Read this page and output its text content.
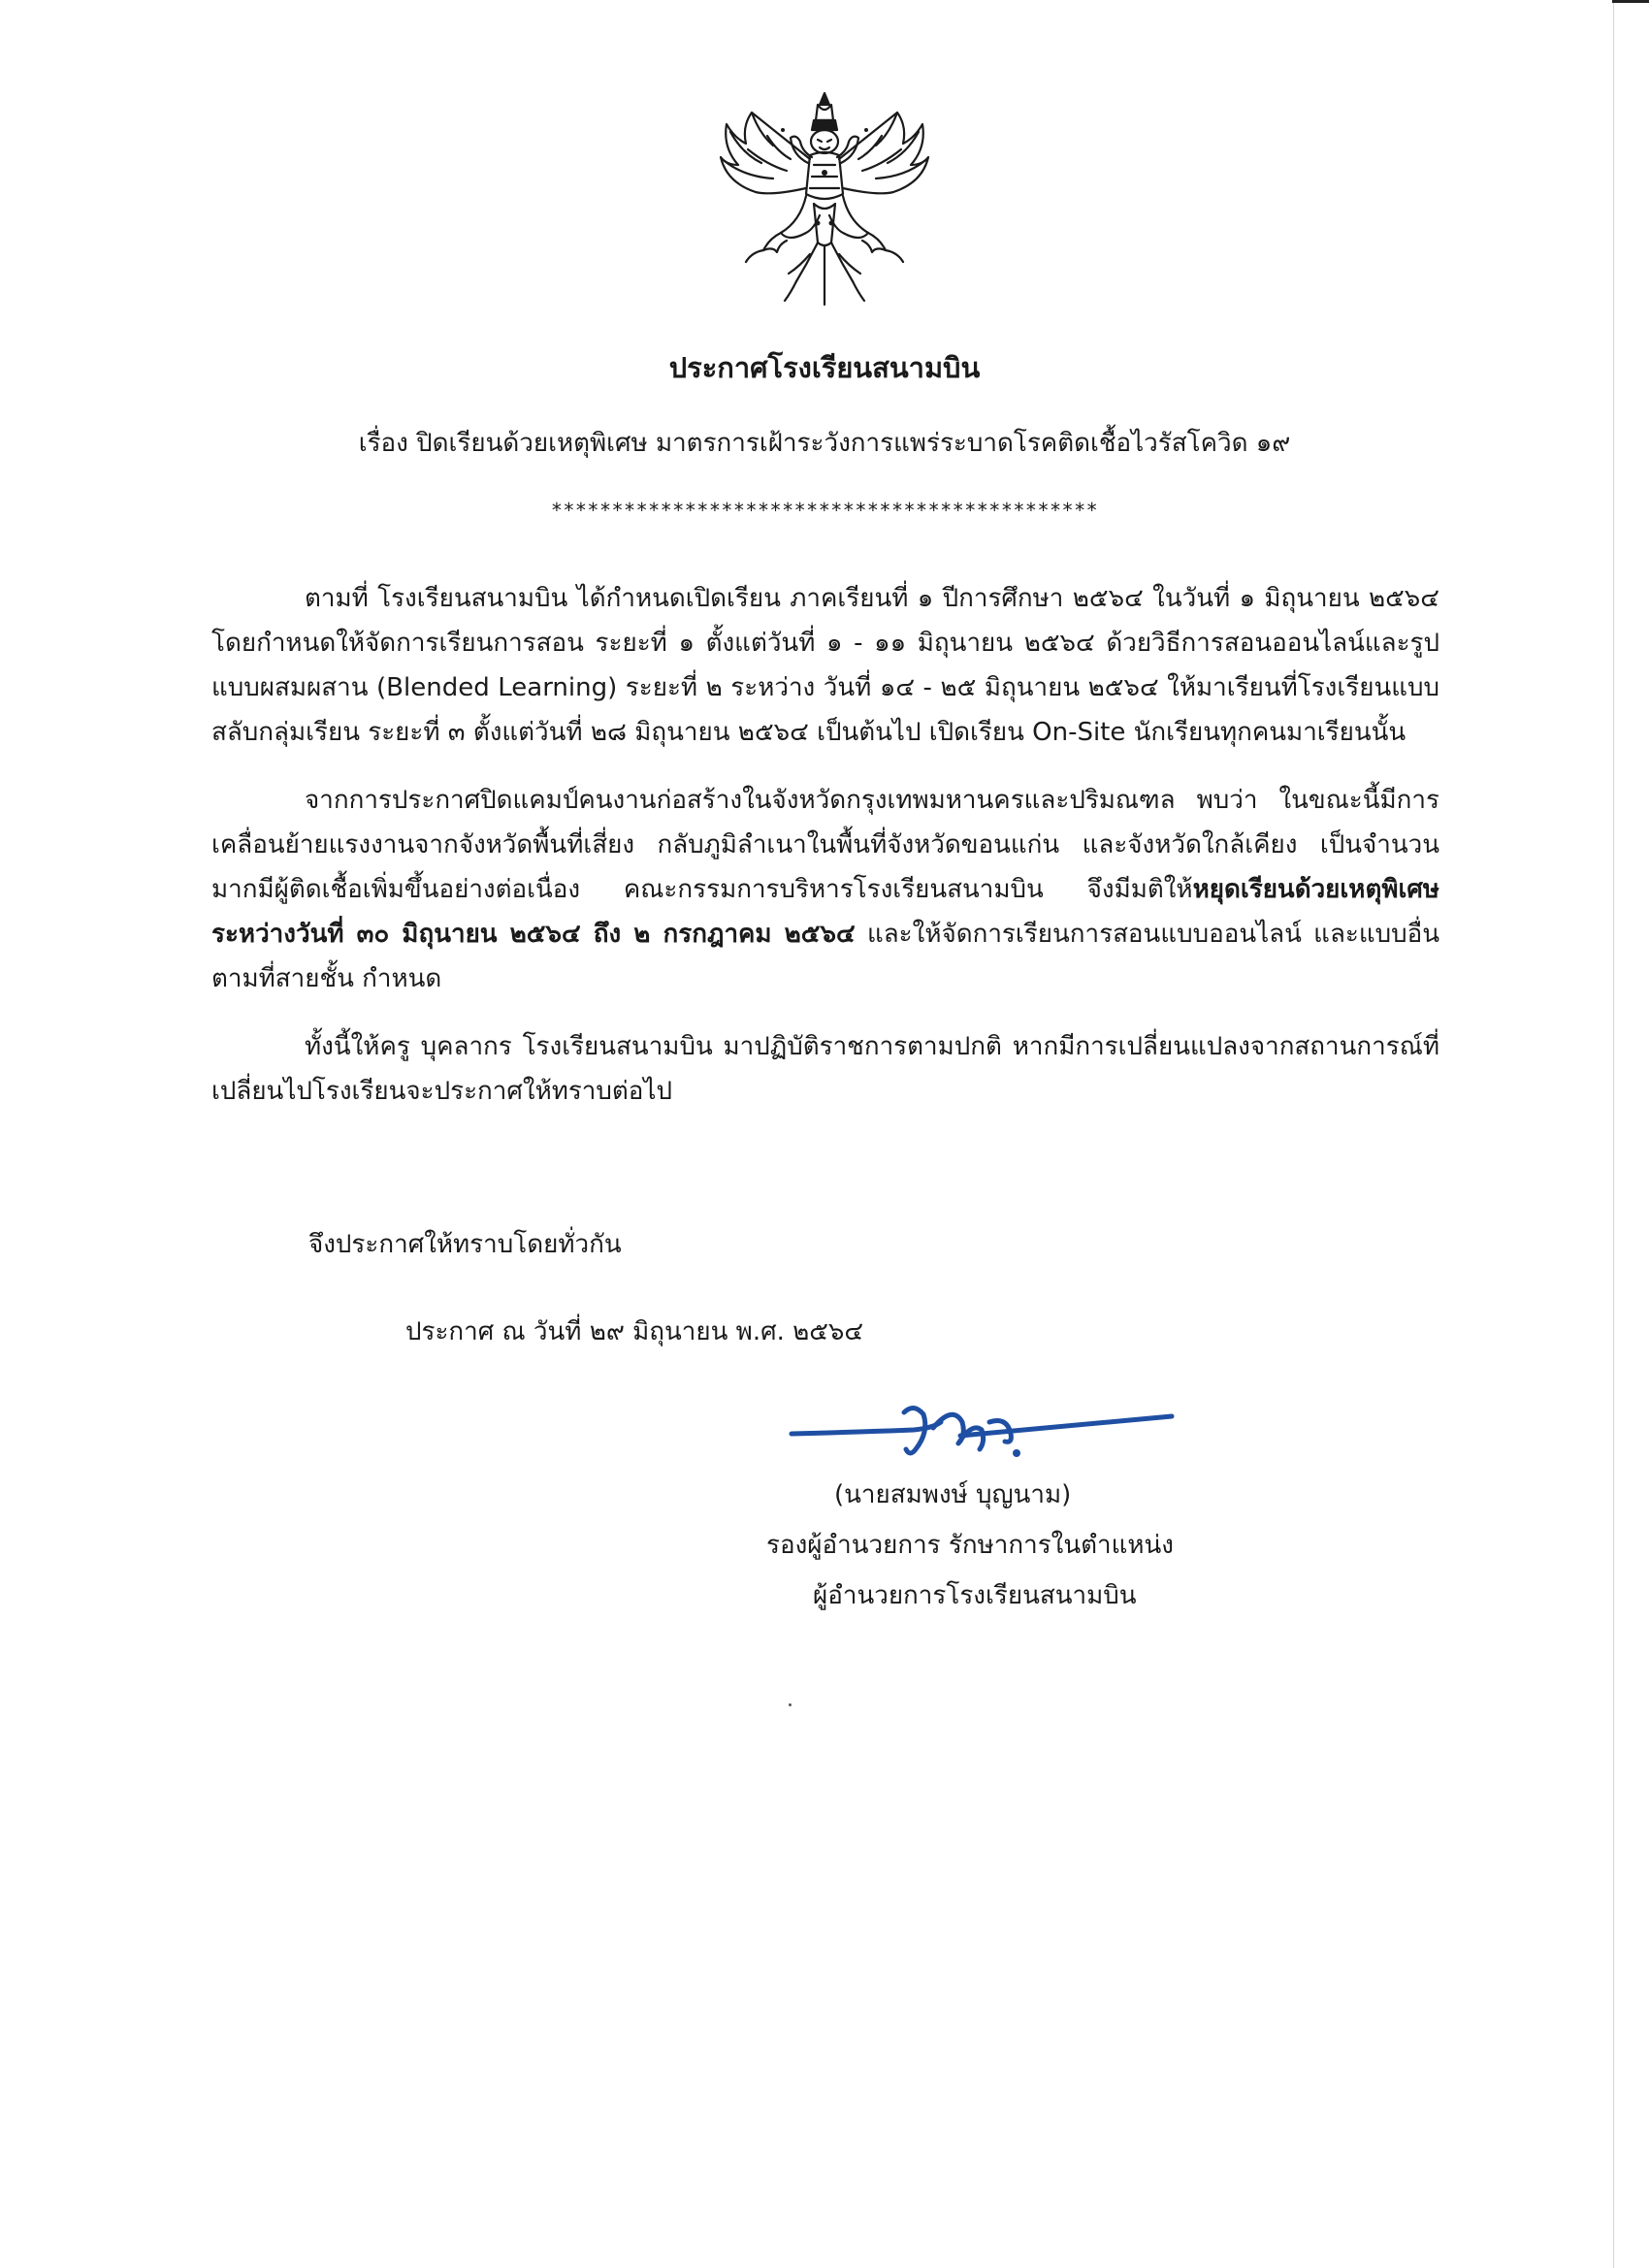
ประกาศโรงเรียนสนามบิน

เรื่อง ปิดเรียนด้วยเหตุพิเศษ มาตรการเฝ้าระวังการแพร่ระบาดโรคติดเชื้อไวรัสโควิด ๑๙

*********************************************

ตามที่ โรงเรียนสนามบิน ได้กำหนดเปิดเรียน ภาคเรียนที่ ๑ ปีการศึกษา ๒๕๖๔ ในวันที่ ๑ มิถุนายน ๒๕๖๔ โดยกำหนดให้จัดการเรียนการสอน ระยะที่ ๑ ตั้งแต่วันที่ ๑ - ๑๑ มิถุนายน ๒๕๖๔ ด้วยวิธีการสอนออนไลน์และรูปแบบผสมผสาน (Blended Learning) ระยะที่ ๒ ระหว่าง วันที่ ๑๔ - ๒๕ มิถุนายน ๒๕๖๔ ให้มาเรียนที่โรงเรียนแบบสลับกลุ่มเรียน ระยะที่ ๓ ตั้งแต่วันที่ ๒๘ มิถุนายน ๒๕๖๔ เป็นต้นไป เปิดเรียน On-Site นักเรียนทุกคนมาเรียนนั้น

จากการประกาศปิดแคมป์คนงานก่อสร้างในจังหวัดกรุงเทพมหานครและปริมณฑล พบว่า ในขณะนี้มีการเคลื่อนย้ายแรงงานจากจังหวัดพื้นที่เสี่ยง กลับภูมิลำเนาในพื้นที่จังหวัดขอนแก่น และจังหวัดใกล้เคียง เป็นจำนวนมากมีผู้ติดเชื้อเพิ่มขึ้นอย่างต่อเนื่อง คณะกรรมการบริหารโรงเรียนสนามบิน จึงมีมติให้หยุดเรียนด้วยเหตุพิเศษ ระหว่างวันที่ ๓๐ มิถุนายน ๒๕๖๔ ถึง ๒ กรกฎาคม ๒๕๖๔ และให้จัดการเรียนการสอนแบบออนไลน์ และแบบอื่นตามที่สายชั้น กำหนด

ทั้งนี้ให้ครู บุคลากร โรงเรียนสนามบิน มาปฏิบัติราชการตามปกติ หากมีการเปลี่ยนแปลงจากสถานการณ์ที่เปลี่ยนไปโรงเรียนจะประกาศให้ทราบต่อไป

จึงประกาศให้ทราบโดยทั่วกัน

ประกาศ ณ วันที่ ๒๙ มิถุนายน พ.ศ. ๒๕๖๔

(นายสมพงษ์ บุญนาม)

รองผู้อำนวยการ รักษาการในตำแหน่ง

ผู้อำนวยการโรงเรียนสนามบิน
